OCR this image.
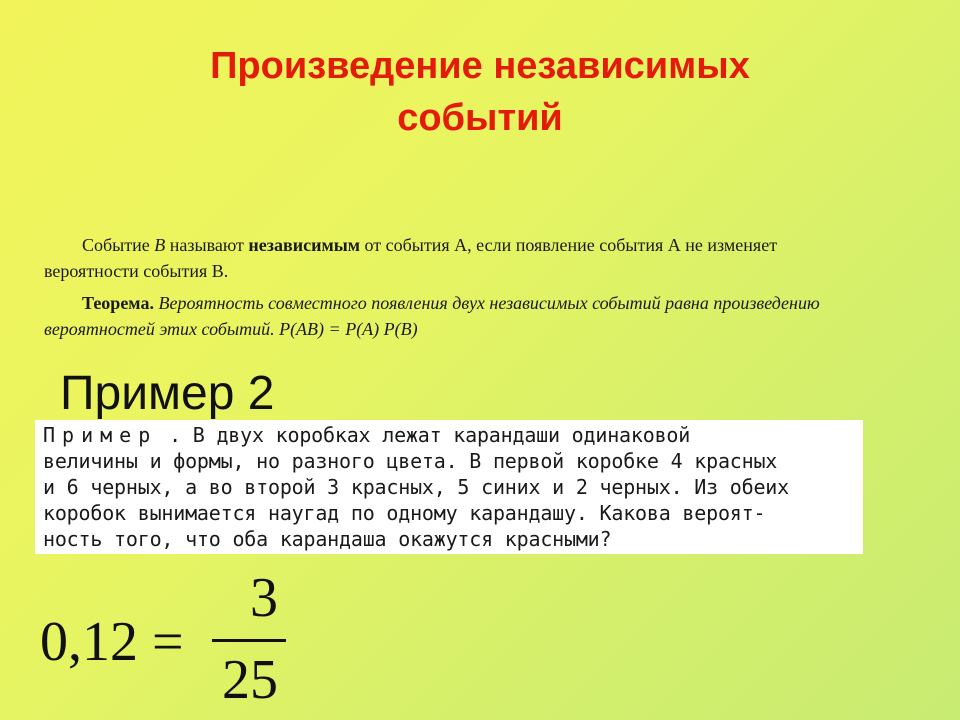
Произведение независимых
событий

Событие В называют независимым от события А, если появление события А не изменяет вероятности события В.

Теорема. Вероятность совместного появления двух независимых событий равна произведению вероятностей этих событий. Р(АВ) = Р(А) Р(В)

Пример 2
Пример . В двух коробках лежат карандаши одинаковой
величины и формы, но разного цвета. В первой коробке 4 красных
и 6 черных, а во второй 3 красных, 5 синих и 2 черных. Из обеих
коробок вынимается наугад по одному карандашу. Какова вероят-
ность того, что оба карандаша окажутся красными?
0,12 =
3
25
